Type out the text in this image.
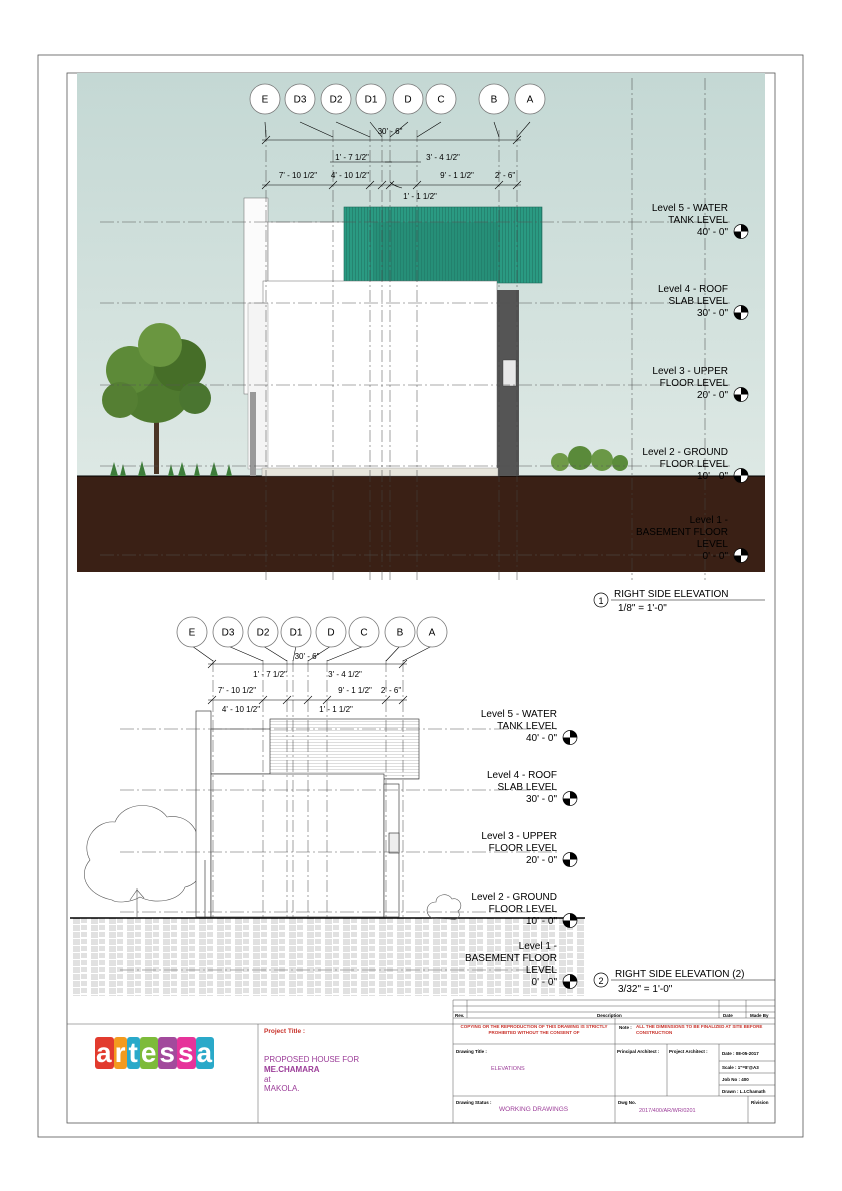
E	D3 D2 D1	D	C	B	A
30' - 6"
1' - 7 1/2"	3' - 4 1/2"
7' - 10 1/2" 4' - 10 1/2"	9' - 1 1/2"	2' - 6"
1' - 1 1/2"
Level 5 - WATER
TANK LEVEL
40' - 0"
Level 4 - ROOF
SLAB LEVEL
30' - 0"
Level 3 - UPPER
FLOOR LEVEL
20' - 0"
Level 2 - GROUND
FLOOR LEVEL
10' - 0"
Level 1 -
BASEMENT FLOOR
LEVEL
0' - 0"
1
RIGHT SIDE ELEVATION
1/8" = 1'-0"
E	D3 D2 D1 D	C	B	A
30' - 6"
1' - 7 1/2"	3' - 4 1/2"
7' - 10 1/2"
4' - 10 1/2"
9' - 1 1/2" 2' - 6"
1' - 1 1/2"	Level 5 - WATER
TANK LEVEL
40' - 0"
Level 4 - ROOF
SLAB LEVEL
30' - 0"
Level 3 - UPPER
FLOOR LEVEL
20' - 0"
Level 2 - GROUND
FLOOR LEVEL
10' - 0"
Level 1 -
BASEMENT FLOOR
LEVEL
0' - 0"	2
RIGHT SIDE ELEVATION (2)
3/32" = 1'-0"
artessa
Project Title :
PROPOSED HOUSE FOR
ME.CHAMARA
at
MAKOLA.
Rev.	Description	Date	Made By
COPYING OR THE REPRODUCTION OF THIS DRAWING IS STRICTLY PROHIBITED WITHOUT THE CONSENT OF
Note : ALL THE DIMENSIONS TO BE FINALIZED AT SITE BEFORE CONSTRUCTION
Drawing Title :
ELEVATIONS
Principal Architect : Project Architect :	Date : 08-05-2017
Scale : 1"=8'@A3
Job No : 400
Drawn : L.I.Chamath
Drawing Status :
WORKING DRAWINGS
Dwg No.
2017/400/AR/WR/0201
Rivision
